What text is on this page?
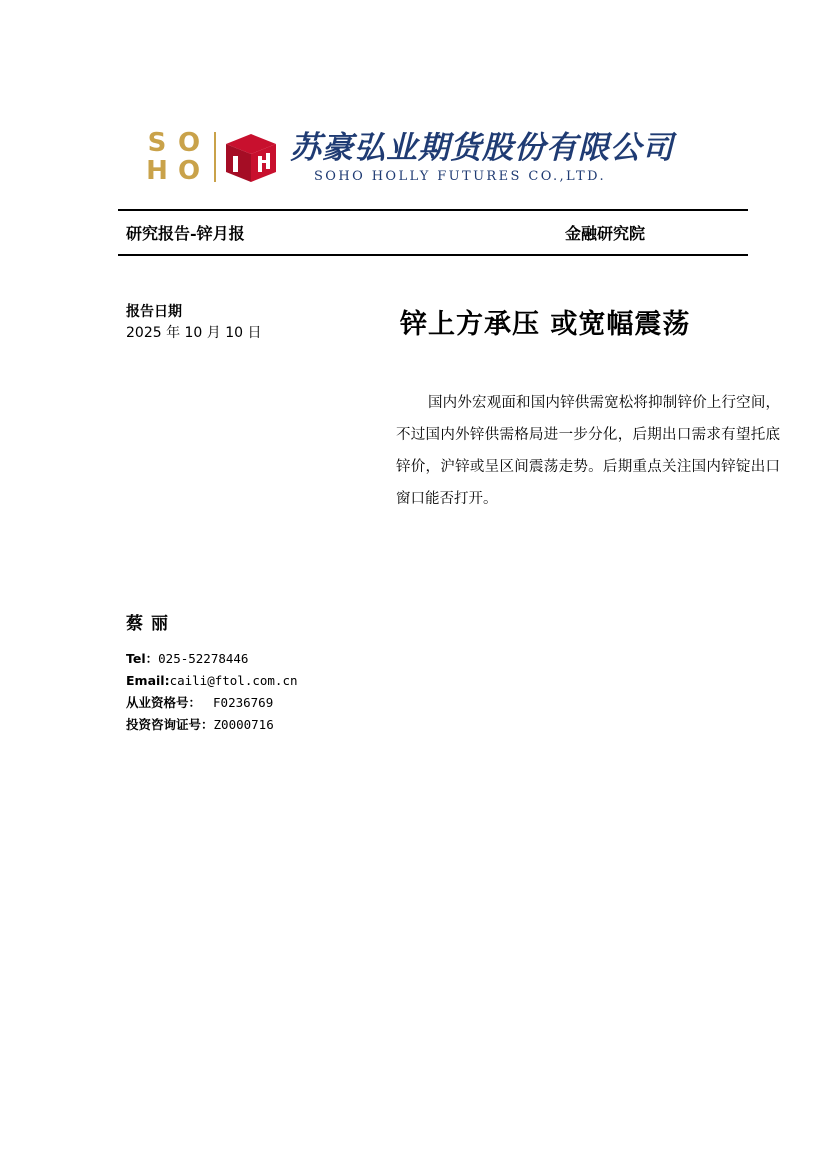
S O
H O
苏豪弘业期货股份有限公司
SOHO HOLLY FUTURES CO.,LTD.
研究报告-锌月报	金融研究院
报告日期
2025 年 10 月 10 日	锌上方承压 或宽幅震荡

国内外宏观面和国内锌供需宽松将抑制锌价上行空间，不过国内外锌供需格局进一步分化，后期出口需求有望托底锌价，沪锌或呈区间震荡走势。后期重点关注国内锌锭出口窗口能否打开。

蔡丽
Tel：025-52278446
Email:caili@ftol.com.cn
从业资格号： F0236769
投资咨询证号：Z0000716
